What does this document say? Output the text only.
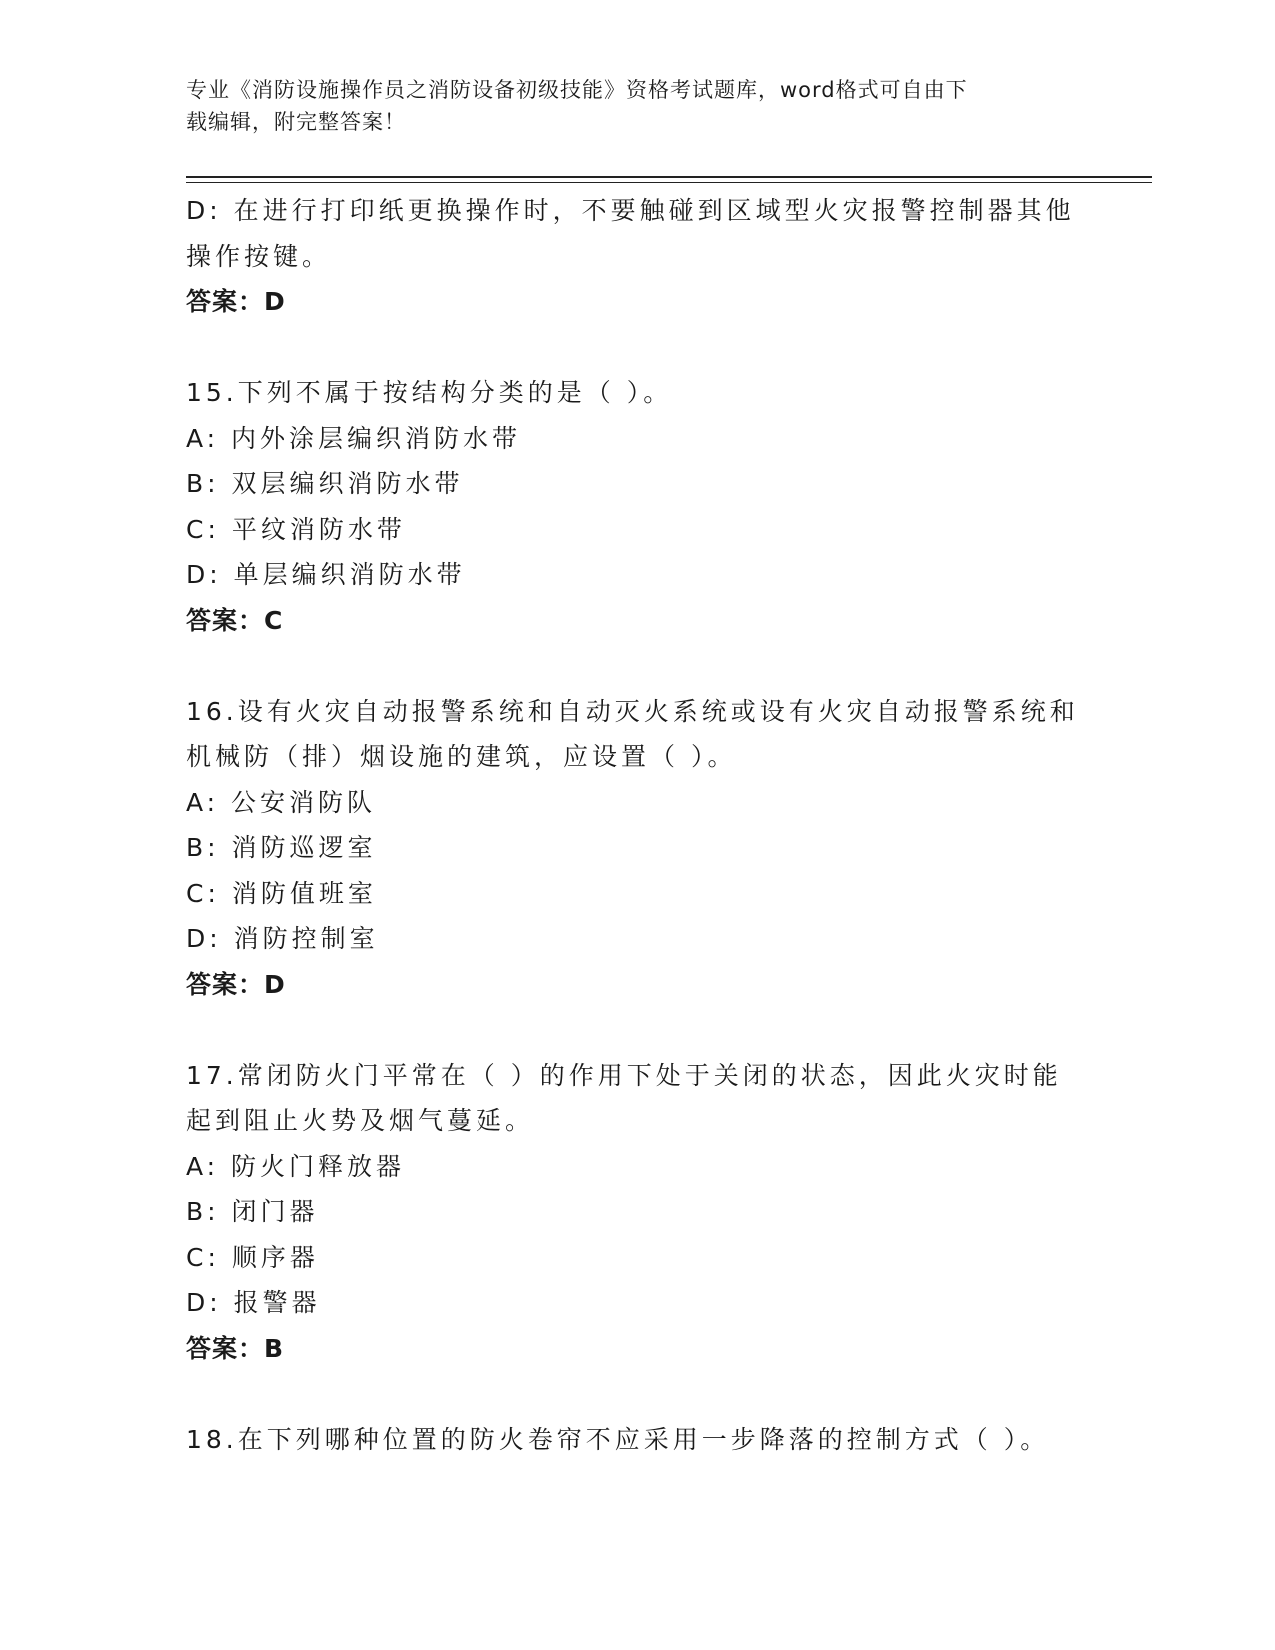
专业《消防设施操作员之消防设备初级技能》资格考试题库，word格式可自由下
载编辑，附完整答案！
D: 在进行打印纸更换操作时，不要触碰到区域型火灾报警控制器其他
操作按键。
答案：D
15.下列不属于按结构分类的是（ ）。
A: 内外涂层编织消防水带
B: 双层编织消防水带
C: 平纹消防水带
D: 单层编织消防水带
答案：C
16.设有火灾自动报警系统和自动灭火系统或设有火灾自动报警系统和
机械防（排）烟设施的建筑，应设置（ ）。
A: 公安消防队
B: 消防巡逻室
C: 消防值班室
D: 消防控制室
答案：D
17.常闭防火门平常在（ ）的作用下处于关闭的状态，因此火灾时能
起到阻止火势及烟气蔓延。
A: 防火门释放器
B: 闭门器
C: 顺序器
D: 报警器
答案：B
18.在下列哪种位置的防火卷帘不应采用一步降落的控制方式（ ）。
